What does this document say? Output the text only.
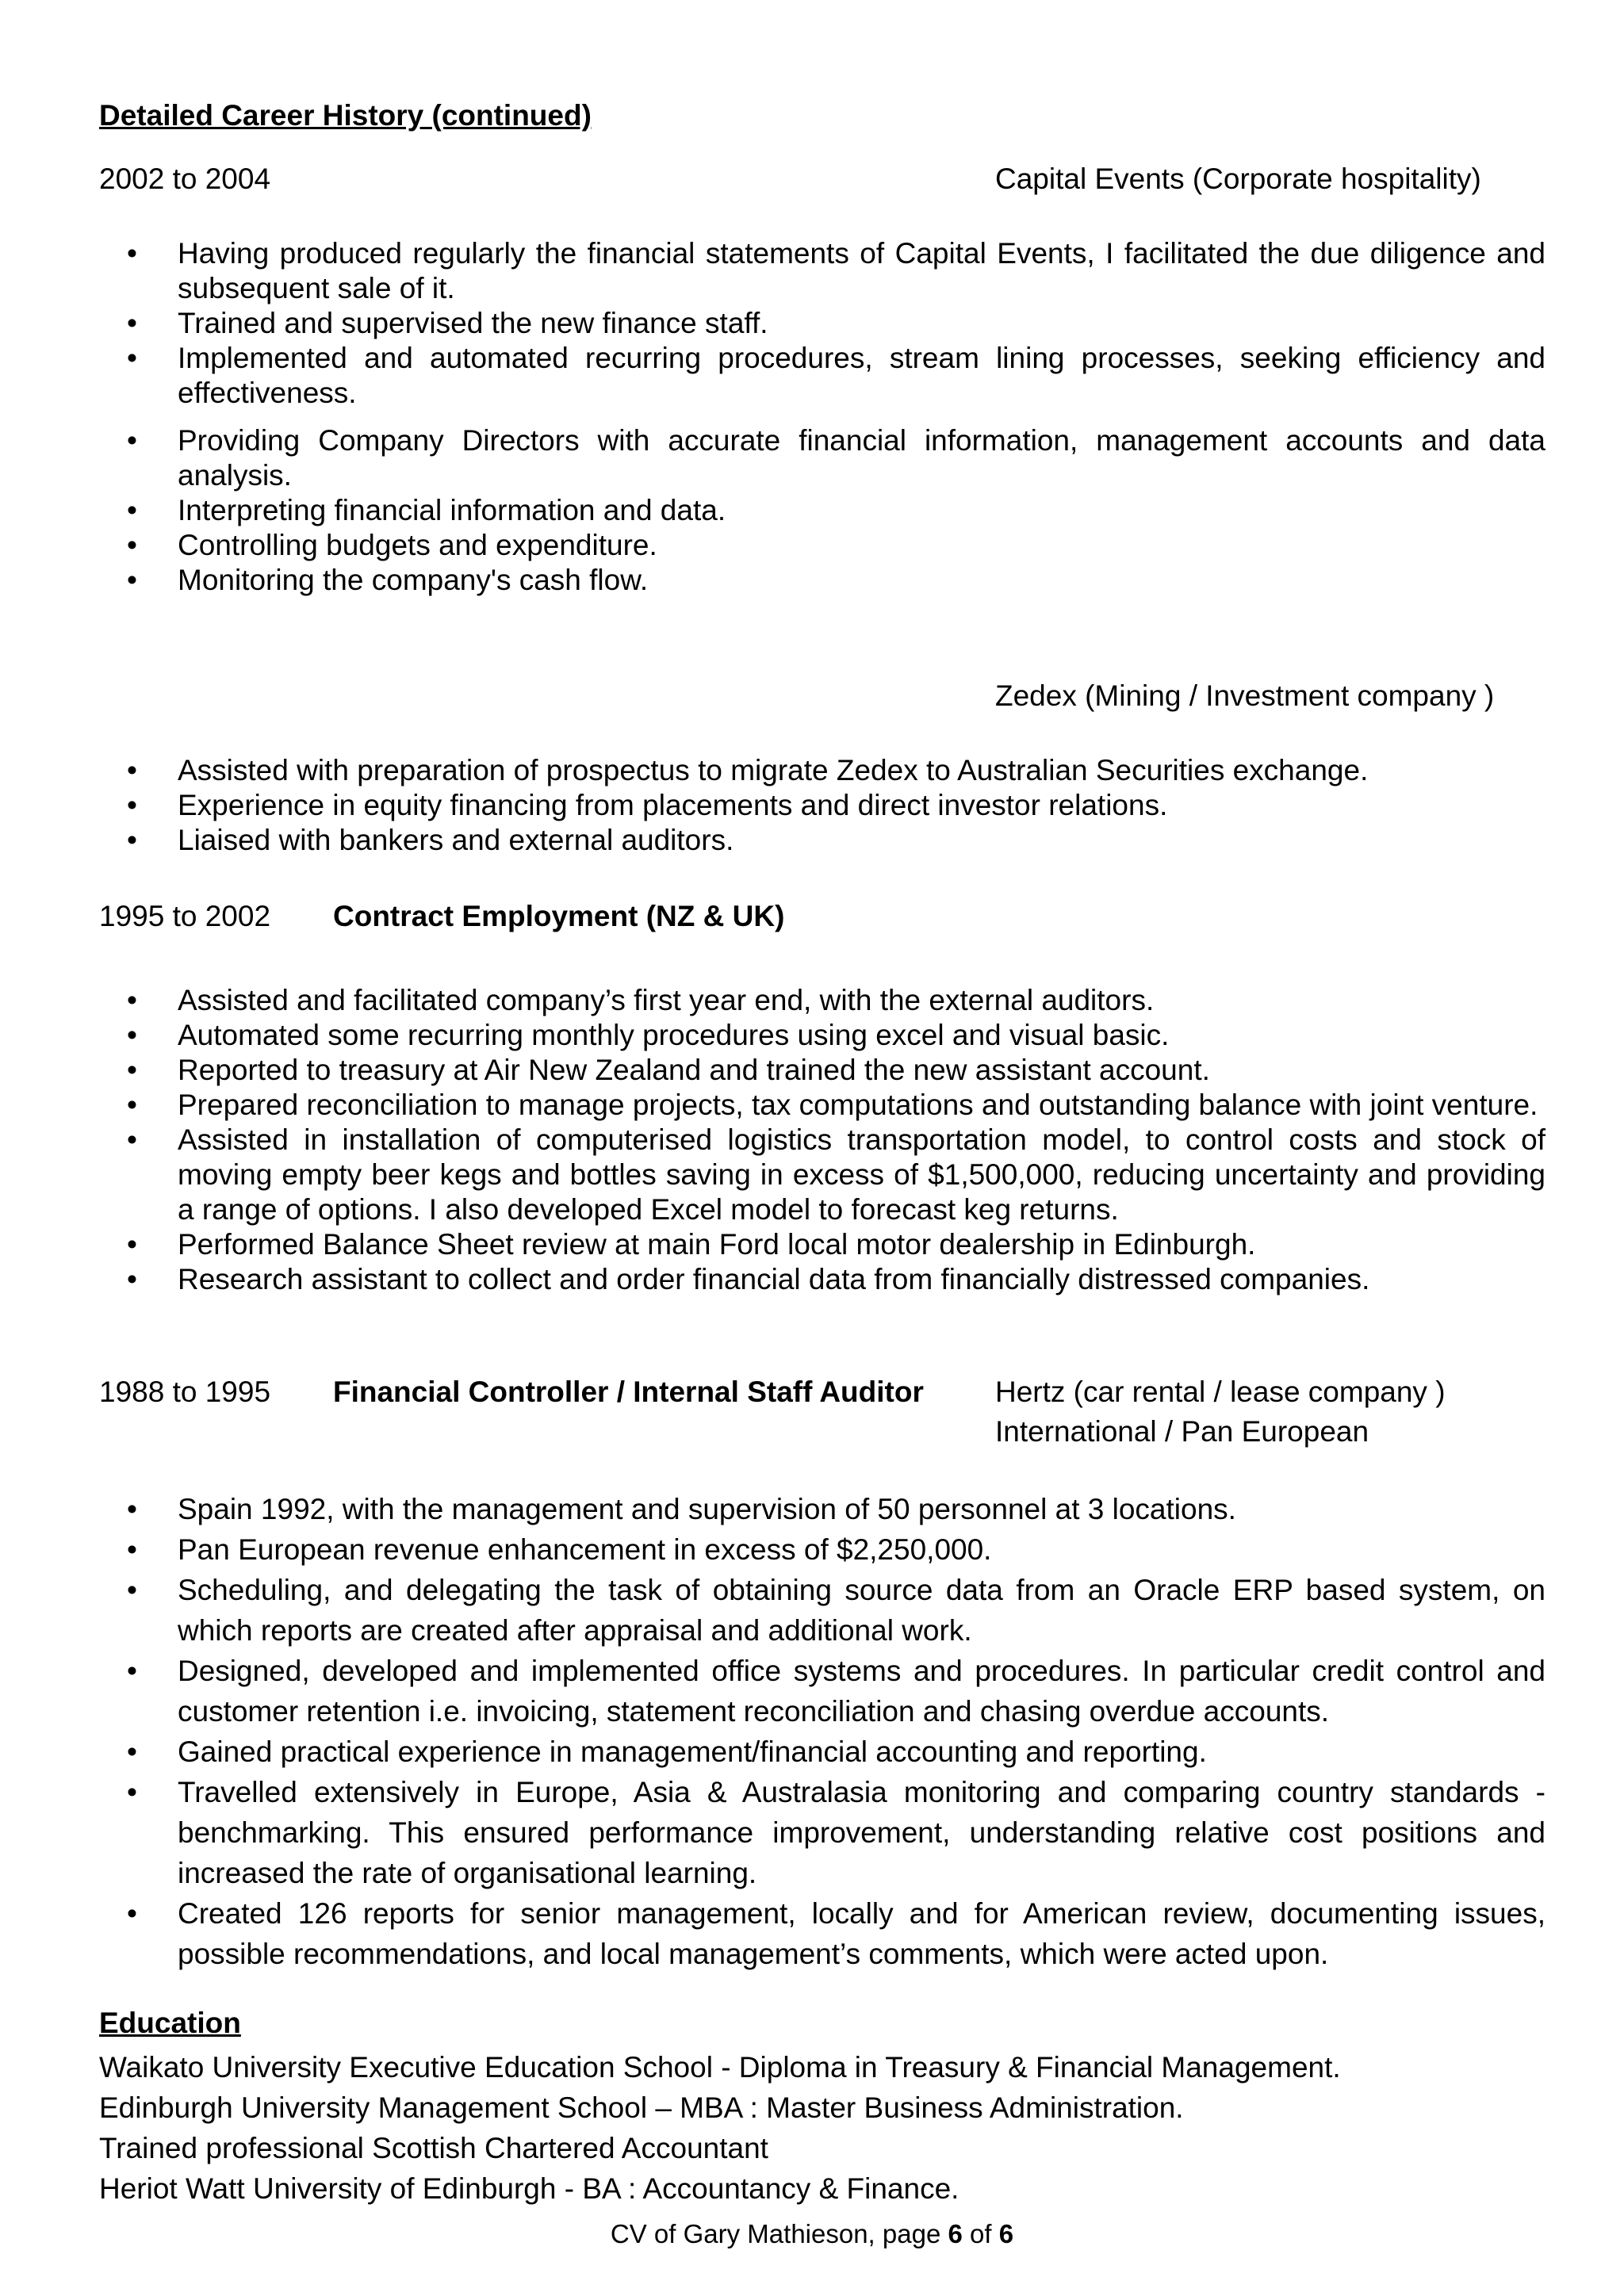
Detailed Career History (continued)
2002 to 2004	Capital Events (Corporate hospitality)
• Having produced regularly the financial statements of Capital Events, I facilitated the due diligence and subsequent sale of it.
• Trained and supervised the new finance staff.
• Implemented and automated recurring procedures, stream lining processes, seeking efficiency and effectiveness.
• Providing Company Directors with accurate financial information, management accounts and data analysis.
• Interpreting financial information and data.
• Controlling budgets and expenditure.
• Monitoring the company's cash flow.
Zedex (Mining / Investment company )
• Assisted with preparation of prospectus to migrate Zedex to Australian Securities exchange.
• Experience in equity financing from placements and direct investor relations.
• Liaised with bankers and external auditors.
1995 to 2002 Contract Employment (NZ & UK)
• Assisted and facilitated company’s first year end, with the external auditors.
• Automated some recurring monthly procedures using excel and visual basic.
• Reported to treasury at Air New Zealand and trained the new assistant account.
• Prepared reconciliation to manage projects, tax computations and outstanding balance with joint venture.
• Assisted in installation of computerised logistics transportation model, to control costs and stock of moving empty beer kegs and bottles saving in excess of $1,500,000, reducing uncertainty and providing a range of options. I also developed Excel model to forecast keg returns.
• Performed Balance Sheet review at main Ford local motor dealership in Edinburgh.
• Research assistant to collect and order financial data from financially distressed companies.
1988 to 1995 Financial Controller / Internal Staff Auditor Hertz (car rental / lease company )
International / Pan European
• Spain 1992, with the management and supervision of 50 personnel at 3 locations.
• Pan European revenue enhancement in excess of $2,250,000.
• Scheduling, and delegating the task of obtaining source data from an Oracle ERP based system, on which reports are created after appraisal and additional work.
• Designed, developed and implemented office systems and procedures. In particular credit control and customer retention i.e. invoicing, statement reconciliation and chasing overdue accounts.
• Gained practical experience in management/financial accounting and reporting.
• Travelled extensively in Europe, Asia & Australasia monitoring and comparing country standards - benchmarking. This ensured performance improvement, understanding relative cost positions and increased the rate of organisational learning.
• Created 126 reports for senior management, locally and for American review, documenting issues, possible recommendations, and local management’s comments, which were acted upon.
Education
Waikato University Executive Education School - Diploma in Treasury & Financial Management.
Edinburgh University Management School – MBA : Master Business Administration.
Trained professional Scottish Chartered Accountant
Heriot Watt University of Edinburgh - BA : Accountancy & Finance.
CV of Gary Mathieson, page 6 of 6
